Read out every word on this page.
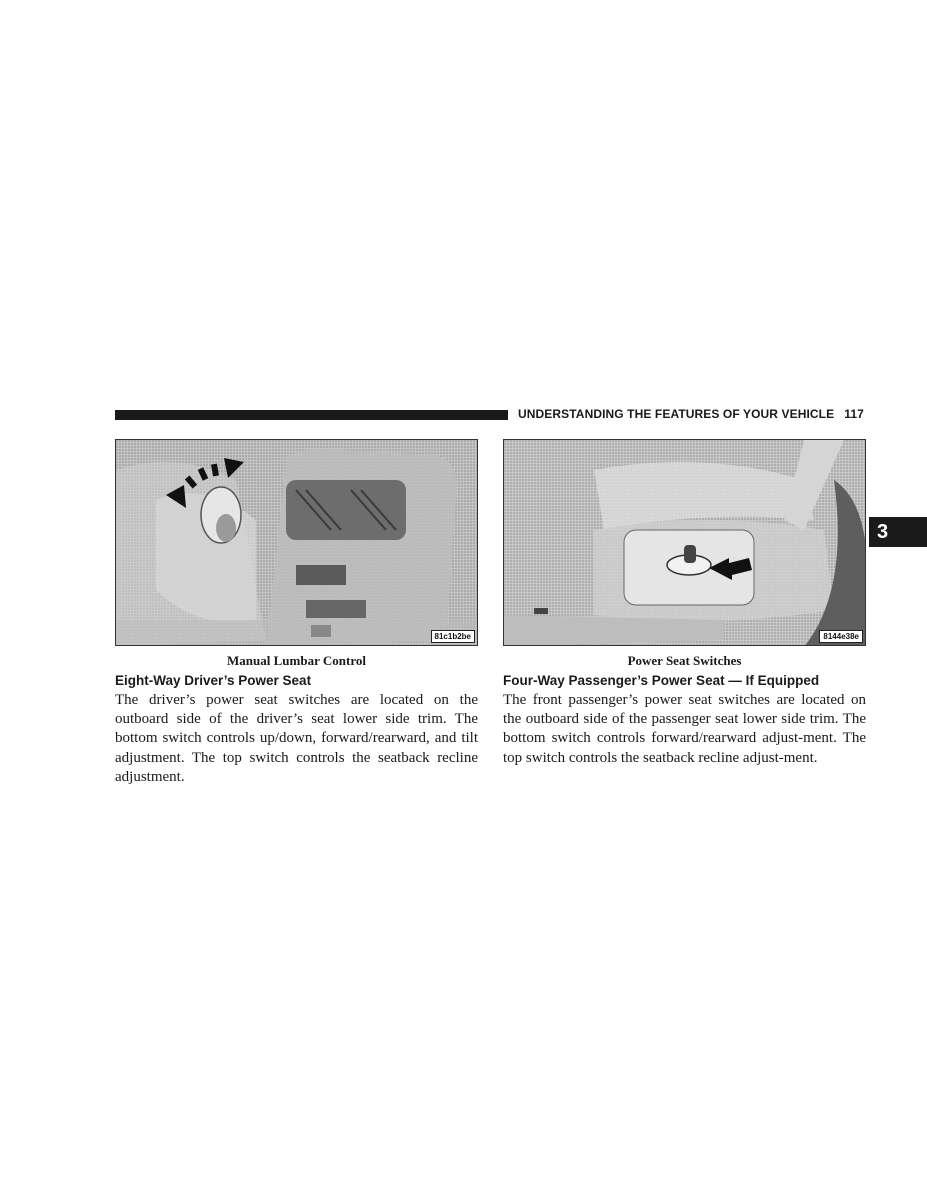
UNDERSTANDING THE FEATURES OF YOUR VEHICLE 117
3
81c1b2be	8144e38e
Manual Lumbar Control	Power Seat Switches
Eight-Way Driver’s Power Seat	Four-Way Passenger’s Power Seat — If Equipped

The driver’s power seat switches are located on the outboard side of the driver’s seat lower side trim. The bottom switch controls up/down, forward/rearward, and tilt adjustment. The top switch controls the seatback recline adjustment.

The front passenger’s power seat switches are located on the outboard side of the passenger seat lower side trim. The bottom switch controls forward/rearward adjust-ment. The top switch controls the seatback recline adjust-ment.
